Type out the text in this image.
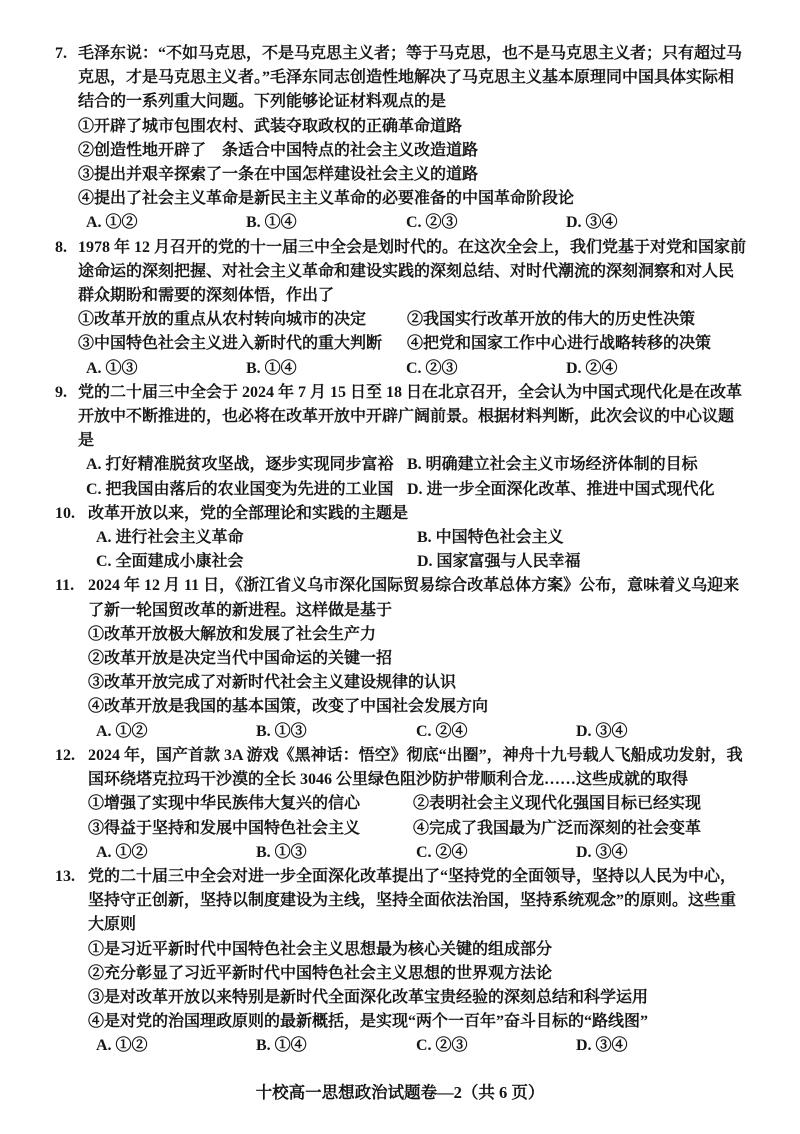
7. 毛泽东说：“不如马克思，不是马克思主义者；等于马克思，也不是马克思主义者；只有超过马克思，才是马克思主义者。”毛泽东同志创造性地解决了马克思主义基本原理同中国具体实际相结合的一系列重大问题。下列能够论证材料观点的是
①开辟了城市包围农村、武装夺取政权的正确革命道路
②创造性地开辟了　条适合中国特点的社会主义改造道路
③提出并艰辛探索了一条在中国怎样建设社会主义的道路
④提出了社会主义革命是新民主主义革命的必要准备的中国革命阶段论
A. ①②	B. ①④	C. ②③	D. ③④
8. 1978 年 12 月召开的党的十一届三中全会是划时代的。在这次全会上，我们党基于对党和国家前途命运的深刻把握、对社会主义革命和建设实践的深刻总结、对时代潮流的深刻洞察和对人民群众期盼和需要的深刻体悟，作出了
①改革开放的重点从农村转向城市的决定	②我国实行改革开放的伟大的历史性决策
③中国特色社会主义进入新时代的重大判断	④把党和国家工作中心进行战略转移的决策
A. ①③	B. ①④	C. ②③	D. ②④
9. 党的二十届三中全会于 2024 年 7 月 15 日至 18 日在北京召开，全会认为中国式现代化是在改革开放中不断推进的，也必将在改革开放中开辟广阔前景。根据材料判断，此次会议的中心议题是
A. 打好精准脱贫攻坚战，逐步实现同步富裕 B. 明确建立社会主义市场经济体制的目标
C. 把我国由落后的农业国变为先进的工业国 D. 进一步全面深化改革、推进中国式现代化
10. 改革开放以来，党的全部理论和实践的主题是
A. 进行社会主义革命	B. 中国特色社会主义
C. 全面建成小康社会	D. 国家富强与人民幸福
11. 2024 年 12 月 11 日，《浙江省义乌市深化国际贸易综合改革总体方案》公布，意味着义乌迎来了新一轮国贸改革的新进程。这样做是基于
①改革开放极大解放和发展了社会生产力
②改革开放是决定当代中国命运的关键一招
③改革开放完成了对新时代社会主义建设规律的认识
④改革开放是我国的基本国策，改变了中国社会发展方向
A. ①②	B. ①③	C. ②④	D. ③④
12. 2024 年，国产首款 3A 游戏《黑神话：悟空》彻底“出圈”，神舟十九号载人飞船成功发射，我国环绕塔克拉玛干沙漠的全长 3046 公里绿色阻沙防护带顺利合龙……这些成就的取得
①增强了实现中华民族伟大复兴的信心	②表明社会主义现代化强国目标已经实现
③得益于坚持和发展中国特色社会主义	④完成了我国最为广泛而深刻的社会变革
A. ①②	B. ①③	C. ②④	D. ③④
13. 党的二十届三中全会对进一步全面深化改革提出了“坚持党的全面领导，坚持以人民为中心，坚持守正创新，坚持以制度建设为主线，坚持全面依法治国，坚持系统观念”的原则。这些重大原则
①是习近平新时代中国特色社会主义思想最为核心关键的组成部分
②充分彰显了习近平新时代中国特色社会主义思想的世界观方法论
③是对改革开放以来特别是新时代全面深化改革宝贵经验的深刻总结和科学运用
④是对党的治国理政原则的最新概括，是实现“两个一百年”奋斗目标的“路线图”
A. ①②	B. ①④	C. ②③	D. ③④
十校高一思想政治试题卷—2（共 6 页）
